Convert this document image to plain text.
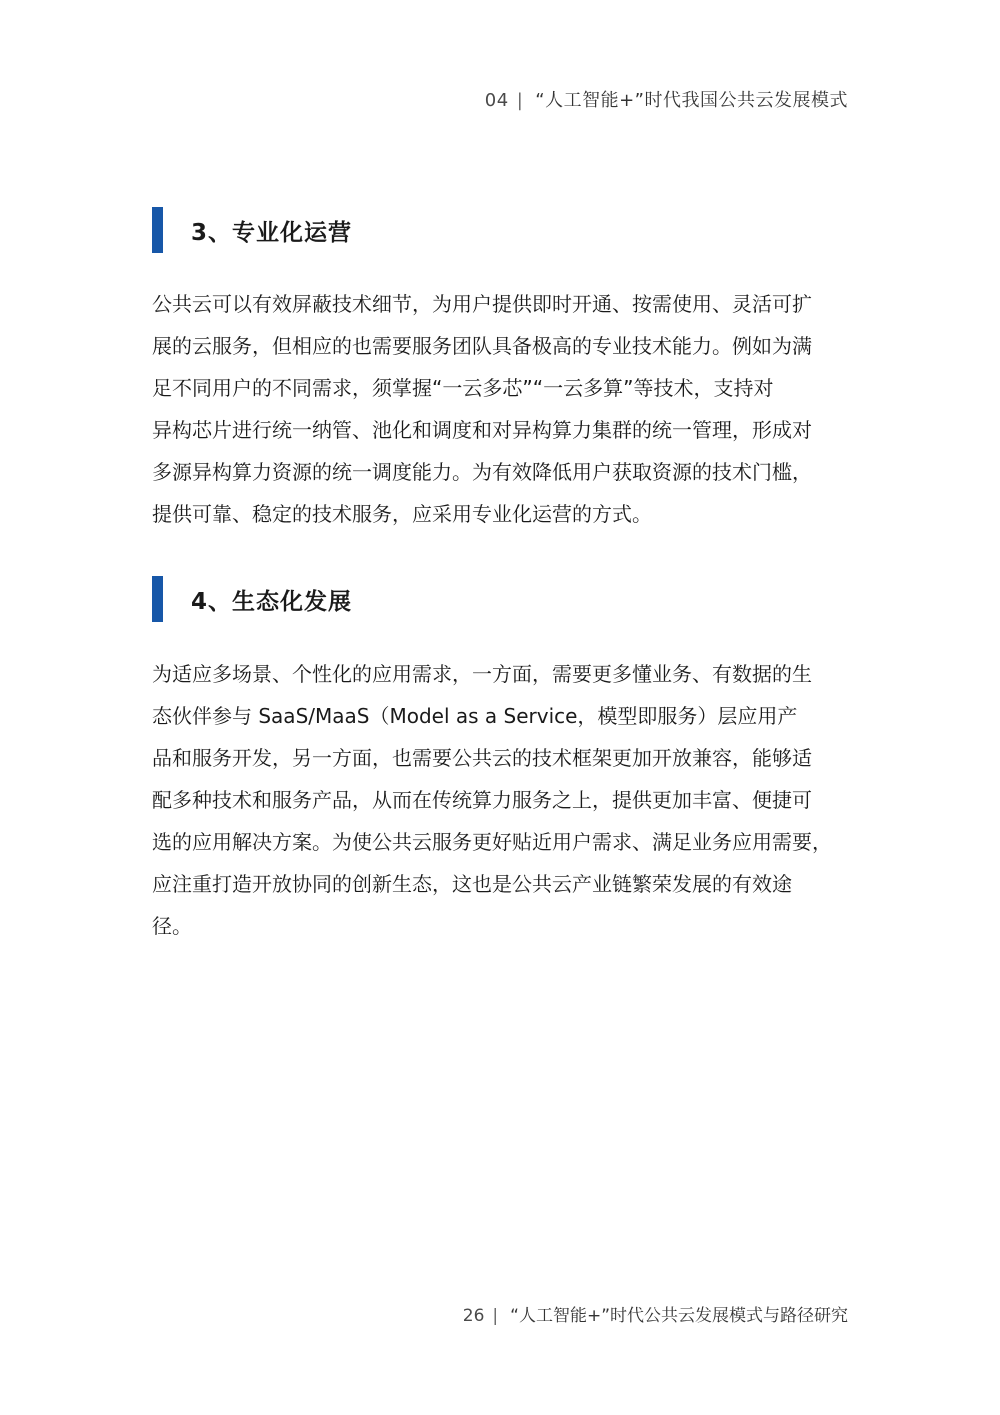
04 | “人工智能+”时代我国公共云发展模式
3、专业化运营
公共云可以有效屏蔽技术细节，为用户提供即时开通、按需使用、灵活可扩
展的云服务，但相应的也需要服务团队具备极高的专业技术能力。例如为满
足不同用户的不同需求，须掌握“一云多芯”“一云多算”等技术，支持对
异构芯片进行统一纳管、池化和调度和对异构算力集群的统一管理，形成对
多源异构算力资源的统一调度能力。为有效降低用户获取资源的技术门槛，
提供可靠、稳定的技术服务，应采用专业化运营的方式。
4、生态化发展
为适应多场景、个性化的应用需求，一方面，需要更多懂业务、有数据的生
态伙伴参与 SaaS/MaaS（Model as a Service，模型即服务）层应用产
品和服务开发，另一方面，也需要公共云的技术框架更加开放兼容，能够适
配多种技术和服务产品，从而在传统算力服务之上，提供更加丰富、便捷可
选的应用解决方案。为使公共云服务更好贴近用户需求、满足业务应用需要，
应注重打造开放协同的创新生态，这也是公共云产业链繁荣发展的有效途
径。
26 | “人工智能+”时代公共云发展模式与路径研究
